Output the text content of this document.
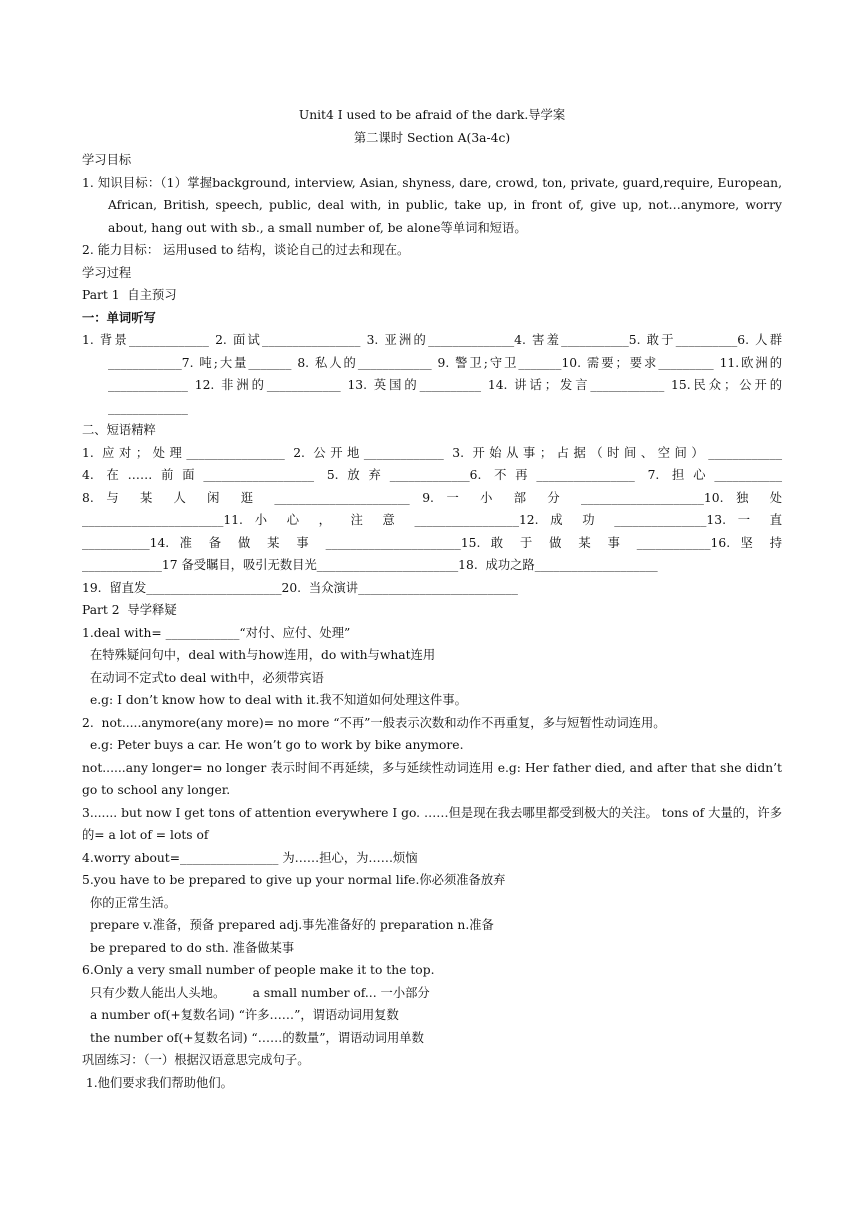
Unit4 I used to be afraid of the dark.导学案
第二课时 Section A(3a-4c)
学习目标
1. 知识目标：（1）掌握background, interview, Asian, shyness, dare, crowd, ton, private, guard,require, European, African, British, speech, public, deal with, in public, take up, in front of, give up, not…anymore, worry about, hang out with sb., a small number of, be alone等单词和短语。
2. 能力目标： 运用used to 结构，谈论自己的过去和现在。
学习过程
Part 1  自主预习
一：单词听写
1. 背景_____________ 2. 面试________________ 3. 亚洲的______________4. 害羞___________5. 敢于__________6. 人群____________7. 吨;大量_______ 8. 私人的____________ 9. 警卫;守卫_______10. 需要；要求_________ 11.欧洲的_____________ 12. 非洲的____________ 13. 英国的__________ 14. 讲话；发言____________ 15.民众；公开的_____________
二、短语精粹
1. 应对；处理________________ 2. 公开地_____________ 3. 开始从事；占据（时间、空间）____________
4. 在……前面__________________ 5.放弃_____________6. 不再________________ 7. 担心___________
8. 与 某 人 闲 逛 ______________________ 9. 一 小 部 分 ____________________10. 独 处
_______________________11. 小 心 ， 注 意 _________________12. 成 功 _______________13. 一 直
___________14. 准 备 做 某 事 ______________________15. 敢 于 做 某 事 ____________16. 坚 持
_____________17 备受瞩目，吸引无数目光_______________________18.  成功之路____________________
19.  留直发______________________20.  当众演讲__________________________
Part 2  导学释疑
1.deal with= ____________“对付、应付、处理”
在特殊疑问句中，deal with与how连用，do with与what连用
在动词不定式to deal with中，必须带宾语
e.g: I don’t know how to deal with it.我不知道如何处理这件事。
2.  not.....anymore(any more)= no more “不再”一般表示次数和动作不再重复，多与短暂性动词连用。
e.g: Peter buys a car. He won’t go to work by bike anymore.
not......any longer= no longer 表示时间不再延续，多与延续性动词连用 e.g: Her father died, and after that she didn’t go to school any longer.
3....... but now I get tons of attention everywhere I go. ……但是现在我去哪里都受到极大的关注。 tons of 大量的，许多的= a lot of = lots of
4.worry about=________________ 为……担心，为……烦恼
5.you have to be prepared to give up your normal life.你必须准备放弃
你的正常生活。
prepare v.准备，预备 prepared adj.事先准备好的 preparation n.准备
be prepared to do sth. 准备做某事
6.Only a very small number of people make it to the top.
只有少数人能出人头地。       a small number of... 一小部分
a number of(+复数名词) “许多……”，谓语动词用复数
the number of(+复数名词) “……的数量”，谓语动词用单数
巩固练习：（一）根据汉语意思完成句子。
1.他们要求我们帮助他们。
